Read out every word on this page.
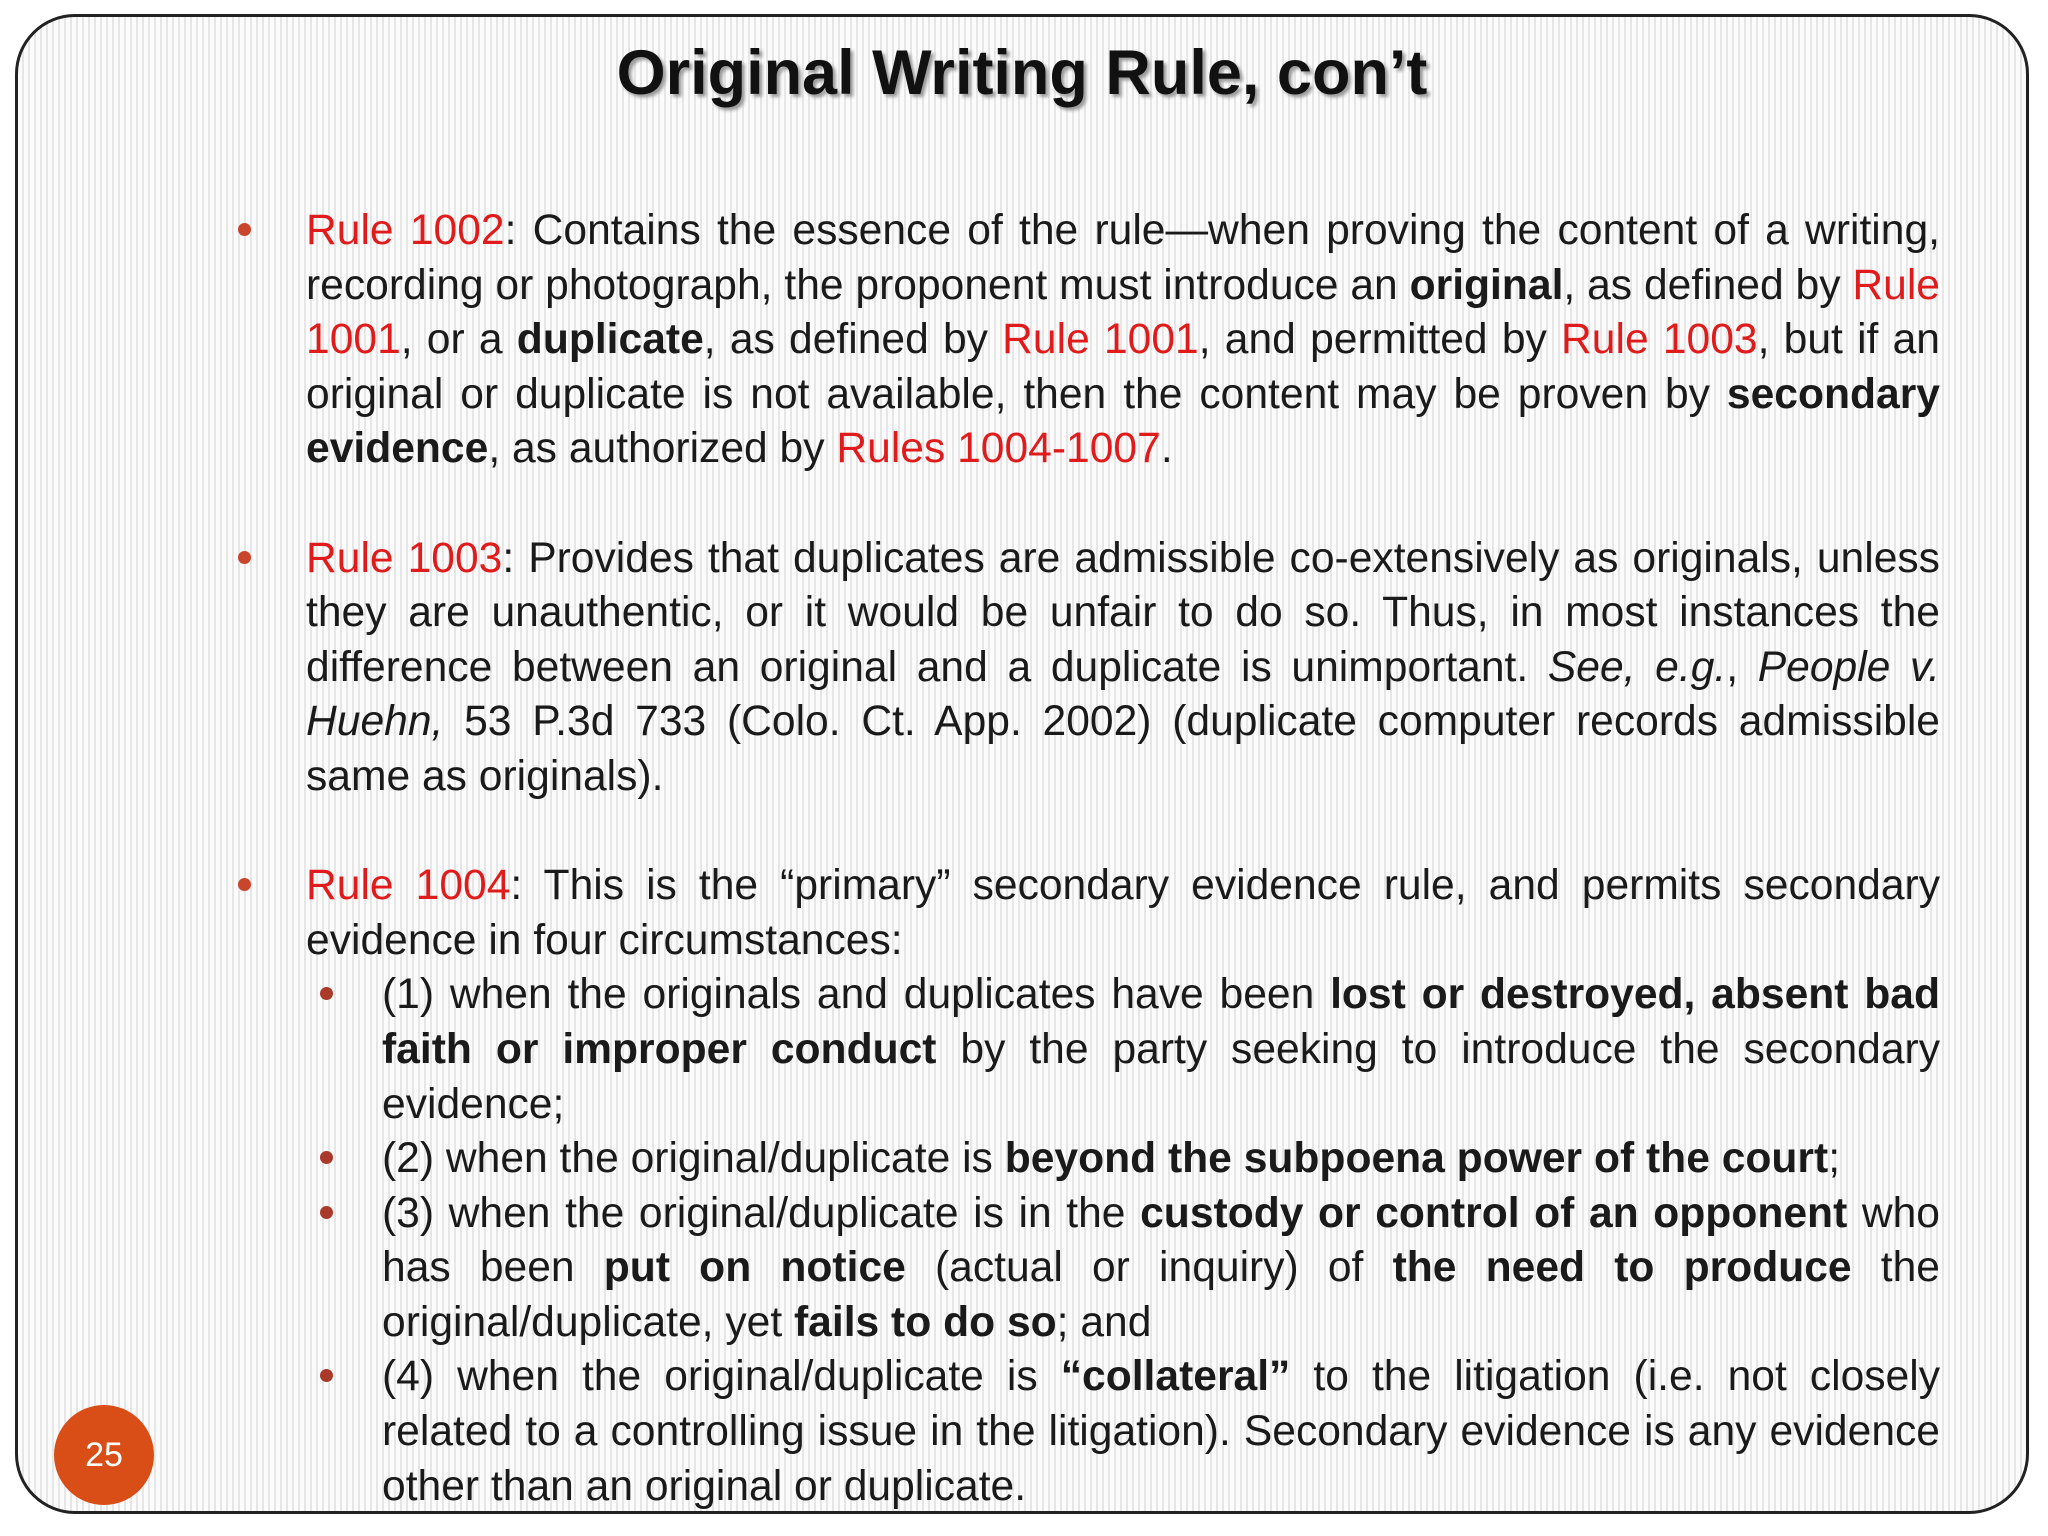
Original Writing Rule, con’t
Rule 1002: Contains the essence of the rule—when proving the content of a writing, recording or photograph, the proponent must introduce an original, as defined by Rule 1001, or a duplicate, as defined by Rule 1001, and permitted by Rule 1003, but if an original or duplicate is not available, then the content may be proven by secondary evidence, as authorized by Rules 1004-1007.
Rule 1003: Provides that duplicates are admissible co-extensively as originals, unless they are unauthentic, or it would be unfair to do so. Thus, in most instances the difference between an original and a duplicate is unimportant. See, e.g., People v. Huehn, 53 P.3d 733 (Colo. Ct. App. 2002) (duplicate computer records admissible same as originals).
Rule 1004: This is the “primary” secondary evidence rule, and permits secondary evidence in four circumstances:
(1) when the originals and duplicates have been lost or destroyed, absent bad faith or improper conduct by the party seeking to introduce the secondary evidence;
(2) when the original/duplicate is beyond the subpoena power of the court;
(3) when the original/duplicate is in the custody or control of an opponent who has been put on notice (actual or inquiry) of the need to produce the original/duplicate, yet fails to do so; and
(4) when the original/duplicate is “collateral” to the litigation (i.e. not closely related to a controlling issue in the litigation). Secondary evidence is any evidence other than an original or duplicate.
25
